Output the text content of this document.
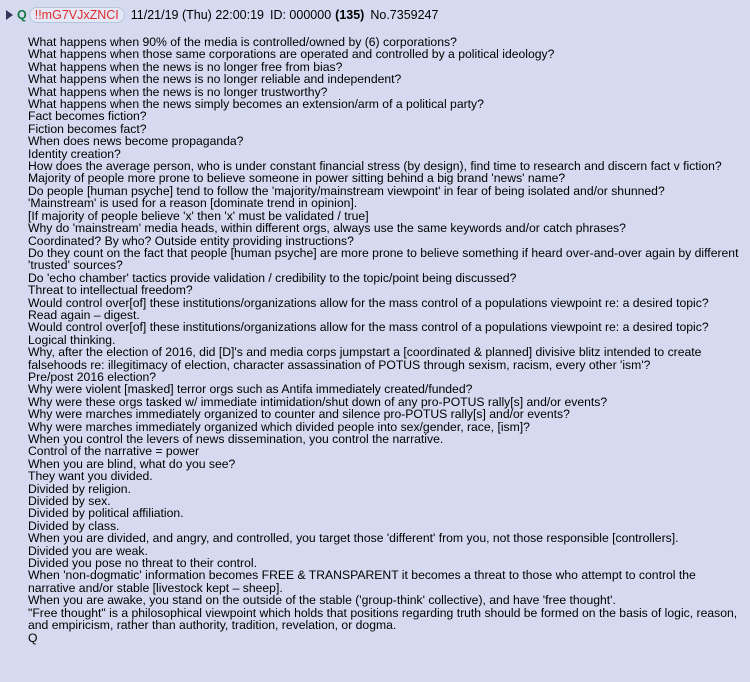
Q !!mG7VJxZNCI 11/21/19 (Thu) 22:00:19 ID: 000000 (135) No.7359247
What happens when 90% of the media is controlled/owned by (6) corporations?
What happens when those same corporations are operated and controlled by a political ideology?
What happens when the news is no longer free from bias?
What happens when the news is no longer reliable and independent?
What happens when the news is no longer trustworthy?
What happens when the news simply becomes an extension/arm of a political party?
Fact becomes fiction?
Fiction becomes fact?
When does news become propaganda?
Identity creation?
How does the average person, who is under constant financial stress (by design), find time to research and discern fact v fiction?
Majority of people more prone to believe someone in power sitting behind a big brand 'news' name?
Do people [human psyche] tend to follow the 'majority/mainstream viewpoint' in fear of being isolated and/or shunned?
'Mainstream' is used for a reason [dominate trend in opinion].
[If majority of people believe 'x' then 'x' must be validated / true]
Why do 'mainstream' media heads, within different orgs, always use the same keywords and/or catch phrases?
Coordinated? By who? Outside entity providing instructions?
Do they count on the fact that people [human psyche] are more prone to believe something if heard over-and-over again by different 'trusted' sources?
Do 'echo chamber' tactics provide validation / credibility to the topic/point being discussed?
Threat to intellectual freedom?
Would control over[of] these institutions/organizations allow for the mass control of a populations viewpoint re: a desired topic?
Read again – digest.
Would control over[of] these institutions/organizations allow for the mass control of a populations viewpoint re: a desired topic?
Logical thinking.
Why, after the election of 2016, did [D]'s and media corps jumpstart a [coordinated & planned] divisive blitz intended to create falsehoods re: illegitimacy of election, character assassination of POTUS through sexism, racism, every other 'ism'?
Pre/post 2016 election?
Why were violent [masked] terror orgs such as Antifa immediately created/funded?
Why were these orgs tasked w/ immediate intimidation/shut down of any pro-POTUS rally[s] and/or events?
Why were marches immediately organized to counter and silence pro-POTUS rally[s] and/or events?
Why were marches immediately organized which divided people into sex/gender, race, [ism]?
When you control the levers of news dissemination, you control the narrative.
Control of the narrative = power
When you are blind, what do you see?
They want you divided.
Divided by religion.
Divided by sex.
Divided by political affiliation.
Divided by class.
When you are divided, and angry, and controlled, you target those 'different' from you, not those responsible [controllers].
Divided you are weak.
Divided you pose no threat to their control.
When 'non-dogmatic' information becomes FREE & TRANSPARENT it becomes a threat to those who attempt to control the narrative and/or stable [livestock kept – sheep].
When you are awake, you stand on the outside of the stable ('group-think' collective), and have 'free thought'.
"Free thought" is a philosophical viewpoint which holds that positions regarding truth should be formed on the basis of logic, reason, and empiricism, rather than authority, tradition, revelation, or dogma.
Q
